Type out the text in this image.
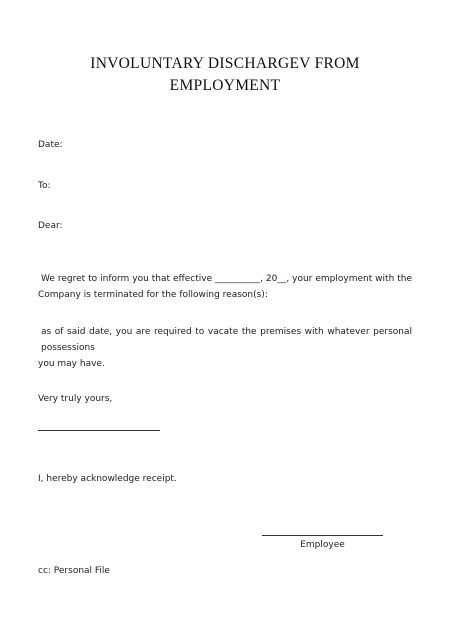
INVOLUNTARY DISCHARGEV FROM
EMPLOYMENT
Date:
To:
Dear:
We regret to inform you that effective __________, 20__, your employment with the
Company is terminated for the following reason(s):
as of said date, you are required to vacate the premises with whatever personal possessions
you may have.
Very truly yours,
I, hereby acknowledge receipt.
Employee
cc: Personal File
